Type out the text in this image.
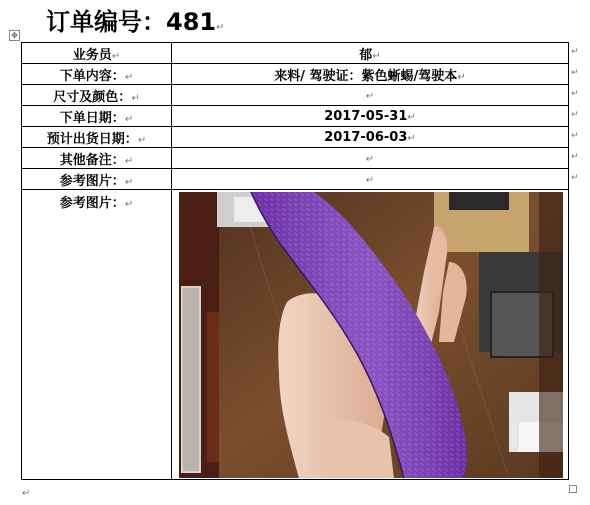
订单编号：481↵
✥
业务员↵	郁↵
下单内容：↵	来料/ 驾驶证：紫色蜥蜴/驾驶本↵
尺寸及颜色：↵	↵
下单日期：↵	2017-05-31↵
预计出货日期：↵	2017-06-03↵
其他备注：↵	↵
参考图片：↵	↵
参考图片：↵	
↵
↵
↵
↵
↵
↵
↵
↵
